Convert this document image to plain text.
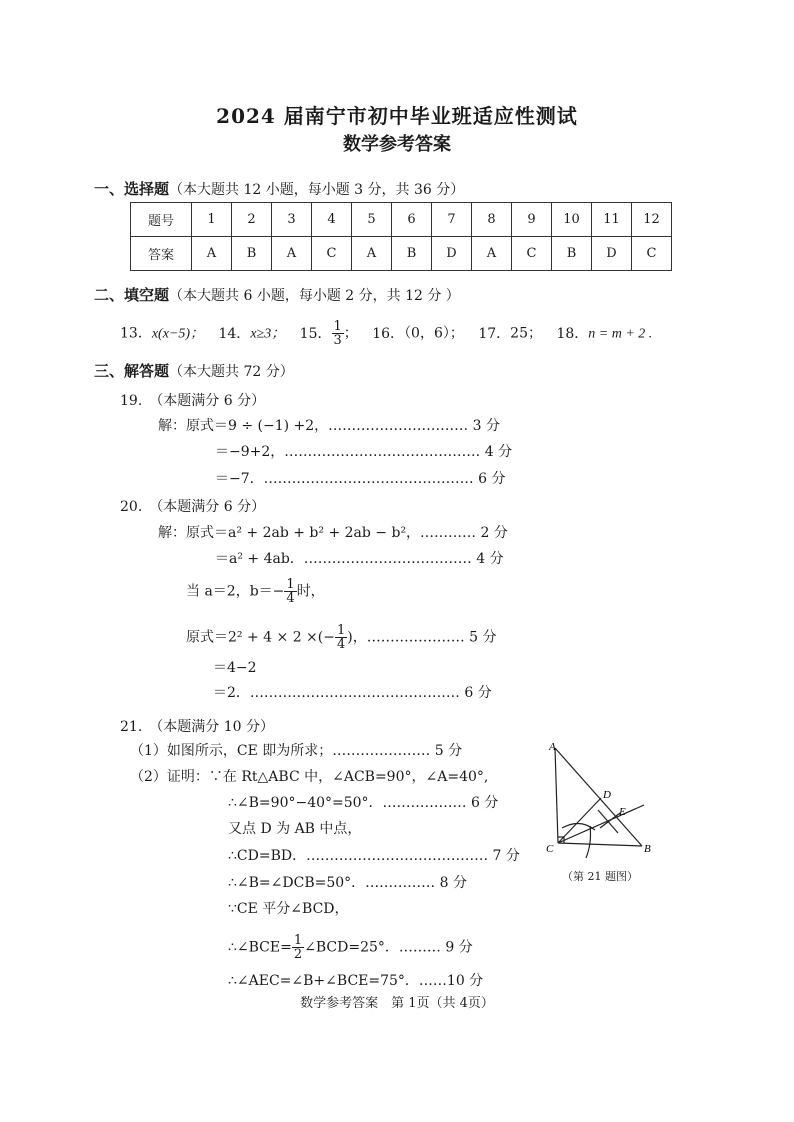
2024 届南宁市初中毕业班适应性测试
数学参考答案
一、选择题（本大题共 12 小题，每小题 3 分，共 36 分）
题号	1	2	3	4	5	6	7	8	9	10	11	12
答案	A	B	A	C	A	B	D	A	C	B	D	C
二、填空题（本大题共 6 小题，每小题 2 分，共 12 分 ）
13．x(x−5)； 14．x≥3； 15． $\frac{1}{3}$ ； 16．（0，6）； 17．25； 18．n = m + 2 .
三、解答题（本大题共 72 分）
19.　（本题满分 6 分）
解：原式＝9 ÷ (−1) +2，………………………… 3 分
＝−9+2，…………………………………… 4 分
＝−7．……………………………………… 6 分
20.　（本题满分 6 分）
解：原式＝a² + 2ab + b² + 2ab − b²，………… 2 分
＝a² + 4ab．……………………………… 4 分
当 a＝2，$b=- \frac{1}{4}$ 时，
原式＝2² + 4 × 2 ×(− $\frac{1}{4}$ )，………………… 5 分
＝4−2
＝2．……………………………………… 6 分
21.　（本题满分 10 分）
（1）如图所示，CE 即为所求；………………… 5 分
（2）证明：∵在 Rt△ABC 中，∠ACB=90°，∠A=40°,
∴∠B=90°−40°=50°．……………… 6 分
又点 D 为 AB 中点，
∴CD=BD．………………………………… 7 分
∴∠B=∠DCB=50°．…………… 8 分
∵CE 平分∠BCD，
∴∠BCE= $\frac{1}{2}$ ∠BCD=25°．……… 9 分
∴∠AEC=∠B+∠BCE=75°．……10 分
A
B
C
D
E
（第 21 题图）
数学参考答案　第 1页（共 4页）
